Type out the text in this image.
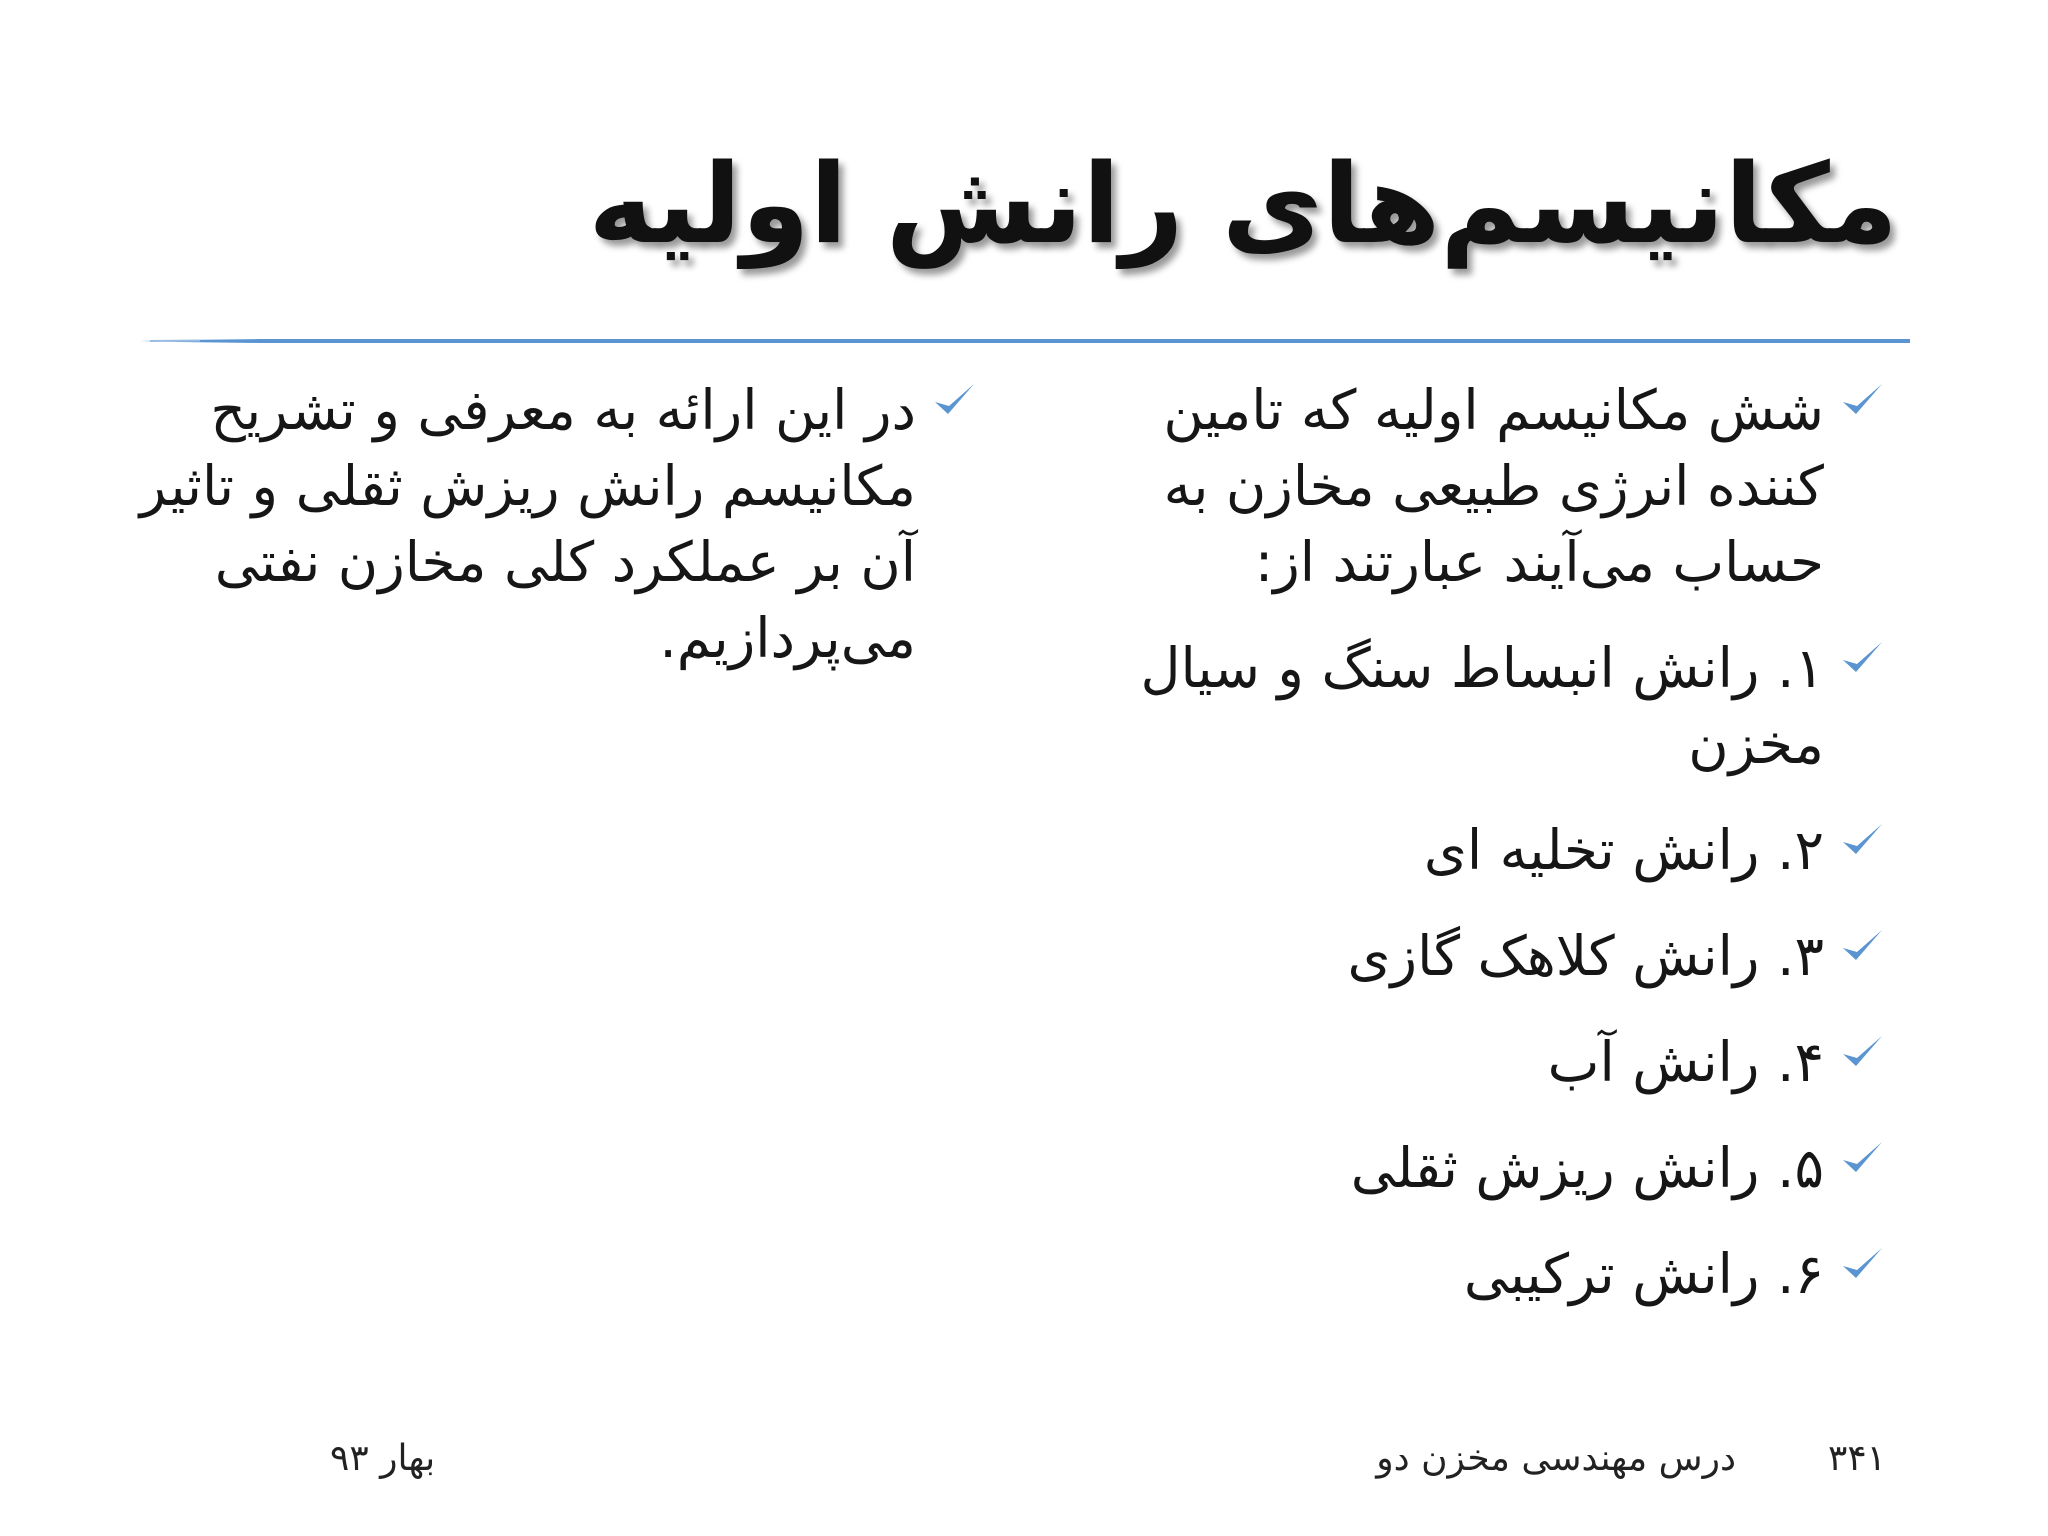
مکانیسم‌های رانش اولیه
شش مکانیسم اولیه که تامین کننده انرژی طبیعی مخازن به حساب می‌آیند عبارتند از:
۱. رانش انبساط سنگ و سیال مخزن
۲. رانش تخلیه ای
۳. رانش کلاهک گازی
۴. رانش آب
۵. رانش ریزش ثقلی
۶. رانش ترکیبی
در این ارائه به معرفی و تشریح مکانیسم رانش ریزش ثقلی و تاثیر آن بر عملکرد کلی مخازن نفتی می‌پردازیم.
۳۴۱
درس مهندسی مخزن دو
بهار ۹۳
